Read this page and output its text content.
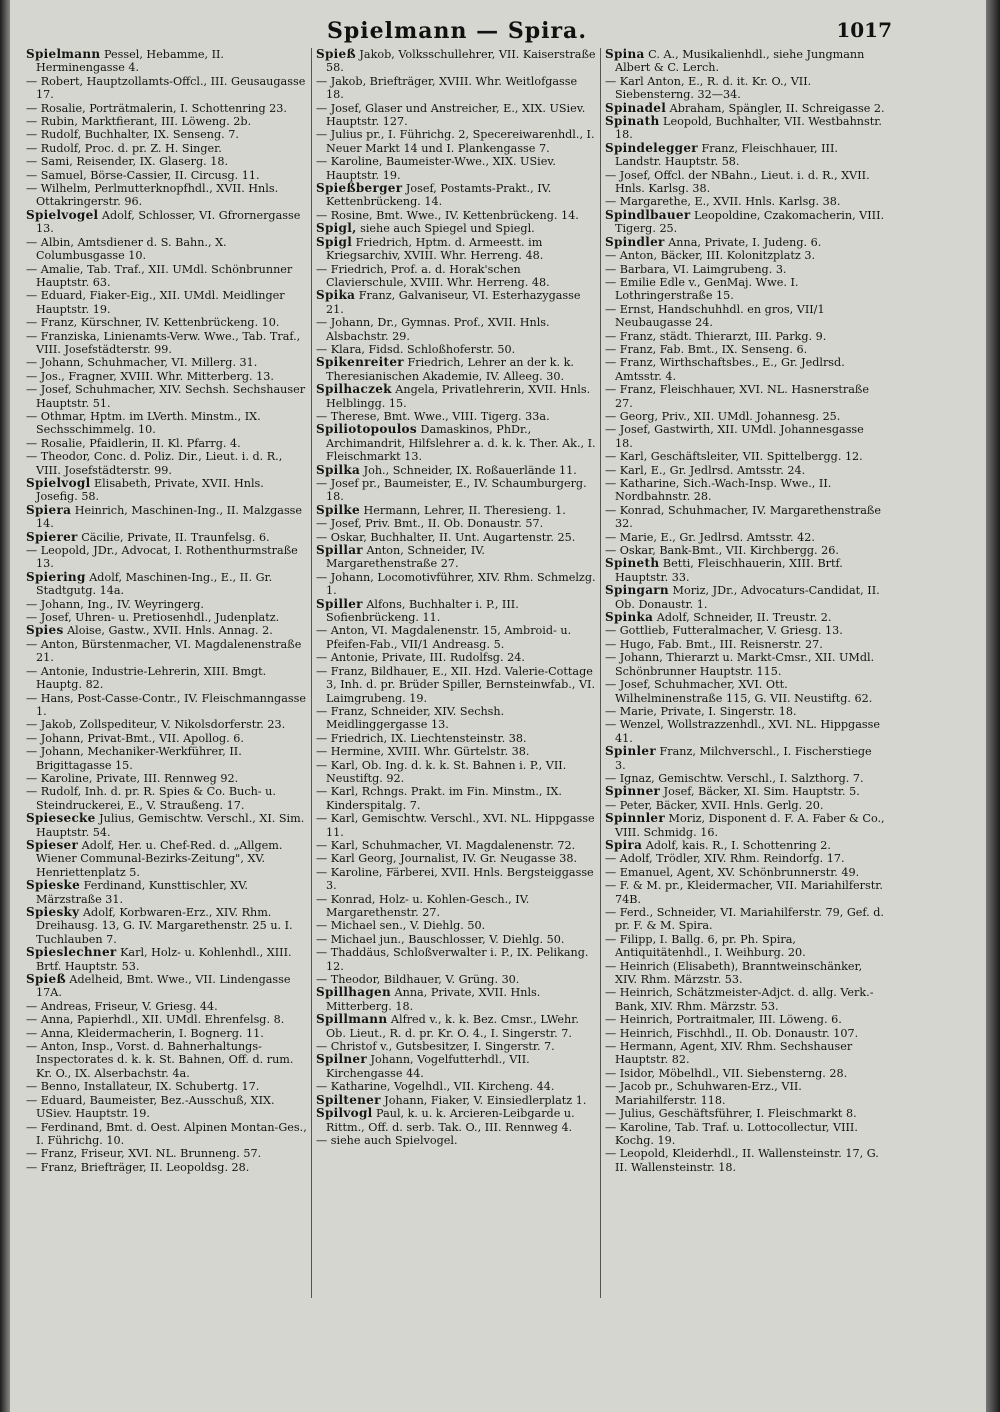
Spielmann — Spira.	1017

Spielmann Pessel, Hebamme, II. Herminengasse 4.

— Robert, Hauptzollamts-Offcl., III. Geusaugasse 17.

— Rosalie, Porträtmalerin, I. Schottenring 23.

— Rubin, Marktfierant, III. Löweng. 2b.

— Rudolf, Buchhalter, IX. Senseng. 7.

— Rudolf, Proc. d. pr. Z. H. Singer.

— Sami, Reisender, IX. Glaserg. 18.

— Samuel, Börse-Cassier, II. Circusg. 11.

— Wilhelm, Perlmutterknopfhdl., XVII. Hnls. Ottakringerstr. 96.

Spielvogel Adolf, Schlosser, VI. Gfrornergasse 13.

— Albin, Amtsdiener d. S. Bahn., X. Columbusgasse 10.

— Amalie, Tab. Traf., XII. UMdl. Schönbrunner Hauptstr. 63.

— Eduard, Fiaker-Eig., XII. UMdl. Meidlinger Hauptstr. 19.

— Franz, Kürschner, IV. Kettenbrückeng. 10.

— Franziska, Linienamts-Verw. Wwe., Tab. Traf., VIII. Josefstädterstr. 99.

— Johann, Schuhmacher, VI. Millerg. 31.

— Jos., Fragner, XVIII. Whr. Mitterberg. 13.

— Josef, Schuhmacher, XIV. Sechsh. Sechshauser Hauptstr. 51.

— Othmar, Hptm. im LVerth. Minstm., IX. Sechsschimmelg. 10.

— Rosalie, Pfaidlerin, II. Kl. Pfarrg. 4.

— Theodor, Conc. d. Poliz. Dir., Lieut. i. d. R., VIII. Josefstädterstr. 99.

Spielvogl Elisabeth, Private, XVII. Hnls. Josefig. 58.

Spiera Heinrich, Maschinen-Ing., II. Malzgasse 14.

Spierer Cäcilie, Private, II. Traunfelsg. 6.

— Leopold, JDr., Advocat, I. Rothenthurmstraße 13.

Spiering Adolf, Maschinen-Ing., E., II. Gr. Stadtgutg. 14a.

— Johann, Ing., IV. Weyringerg.

— Josef, Uhren- u. Pretiosenhdl., Judenplatz.

Spies Aloise, Gastw., XVII. Hnls. Annag. 2.

— Anton, Bürstenmacher, VI. Magdalenenstraße 21.

— Antonie, Industrie-Lehrerin, XIII. Bmgt. Hauptg. 82.

— Hans, Post-Casse-Contr., IV. Fleischmanngasse 1.

— Jakob, Zollspediteur, V. Nikolsdorferstr. 23.

— Johann, Privat-Bmt., VII. Apollog. 6.

— Johann, Mechaniker-Werkführer, II. Brigittagasse 15.

— Karoline, Private, III. Rennweg 92.

— Rudolf, Inh. d. pr. R. Spies & Co. Buch- u. Steindruckerei, E., V. Straußeng. 17.

Spiesecke Julius, Gemischtw. Verschl., XI. Sim. Hauptstr. 54.

Spieser Adolf, Her. u. Chef-Red. d. „Allgem. Wiener Communal-Bezirks-Zeitung", XV. Henriettenplatz 5.

Spieske Ferdinand, Kunsttischler, XV. Märzstraße 31.

Spiesky Adolf, Korbwaren-Erz., XIV. Rhm. Dreihausg. 13, G. IV. Margarethenstr. 25 u. I. Tuchlauben 7.

Spieslechner Karl, Holz- u. Kohlenhdl., XIII. Brtf. Hauptstr. 53.

Spieß Adelheid, Bmt. Wwe., VII. Lindengasse 17A.

— Andreas, Friseur, V. Griesg. 44.

— Anna, Papierhdl., XII. UMdl. Ehrenfelsg. 8.

— Anna, Kleidermacherin, I. Bognerg. 11.

— Anton, Insp., Vorst. d. Bahnerhaltungs-Inspectorates d. k. k. St. Bahnen, Off. d. rum. Kr. O., IX. Alserbachstr. 4a.

— Benno, Installateur, IX. Schubertg. 17.

— Eduard, Baumeister, Bez.-Ausschuß, XIX. USiev. Hauptstr. 19.

— Ferdinand, Bmt. d. Oest. Alpinen Montan-Ges., I. Führichg. 10.

— Franz, Friseur, XVI. NL. Brunneng. 57.

— Franz, Briefträger, II. Leopoldsg. 28.

Spieß Jakob, Volksschullehrer, VII. Kaiserstraße 58.

— Jakob, Briefträger, XVIII. Whr. Weitlofgasse 18.

— Josef, Glaser und Anstreicher, E., XIX. USiev. Hauptstr. 127.

— Julius pr., I. Führichg. 2, Specereiwarenhdl., I. Neuer Markt 14 und I. Plankengasse 7.

— Karoline, Baumeister-Wwe., XIX. USiev. Hauptstr. 19.

Spießberger Josef, Postamts-Prakt., IV. Kettenbrückeng. 14.

— Rosine, Bmt. Wwe., IV. Kettenbrückeng. 14.

Spigl, siehe auch Spiegel und Spiegl.

Spigl Friedrich, Hptm. d. Armeestt. im Kriegsarchiv, XVIII. Whr. Herreng. 48.

— Friedrich, Prof. a. d. Horak'schen Clavierschule, XVIII. Whr. Herreng. 48.

Spika Franz, Galvaniseur, VI. Esterhazygasse 21.

— Johann, Dr., Gymnas. Prof., XVII. Hnls. Alsbachstr. 29.

— Klara, Fidsd. Schloßhoferstr. 50.

Spikenreiter Friedrich, Lehrer an der k. k. Theresianischen Akademie, IV. Alleeg. 30.

Spilhaczek Angela, Privatlehrerin, XVII. Hnls. Helblingg. 15.

— Therese, Bmt. Wwe., VIII. Tigerg. 33a.

Spiliotopoulos Damaskinos, PhDr., Archimandrit, Hilfslehrer a. d. k. k. Ther. Ak., I. Fleischmarkt 13.

Spilka Joh., Schneider, IX. Roßauerlände 11.

— Josef pr., Baumeister, E., IV. Schaumburgerg. 18.

Spilke Hermann, Lehrer, II. Theresieng. 1.

— Josef, Priv. Bmt., II. Ob. Donaustr. 57.

— Oskar, Buchhalter, II. Unt. Augartenstr. 25.

Spillar Anton, Schneider, IV. Margarethenstraße 27.

— Johann, Locomotivführer, XIV. Rhm. Schmelzg. 1.

Spiller Alfons, Buchhalter i. P., III. Sofienbrückeng. 11.

— Anton, VI. Magdalenenstr. 15, Ambroid- u. Pfeifen-Fab., VII/1 Andreasg. 5.

— Antonie, Private, III. Rudolfsg. 24.

— Franz, Bildhauer, E., XII. Hzd. Valerie-Cottage 3, Inh. d. pr. Brüder Spiller, Bernsteinwfab., VI. Laimgrubeng. 19.

— Franz, Schneider, XIV. Sechsh. Meidlinggergasse 13.

— Friedrich, IX. Liechtensteinstr. 38.

— Hermine, XVIII. Whr. Gürtelstr. 38.

— Karl, Ob. Ing. d. k. k. St. Bahnen i. P., VII. Neustiftg. 92.

— Karl, Rchngs. Prakt. im Fin. Minstm., IX. Kinderspitalg. 7.

— Karl, Gemischtw. Verschl., XVI. NL. Hippgasse 11.

— Karl, Schuhmacher, VI. Magdalenenstr. 72.

— Karl Georg, Journalist, IV. Gr. Neugasse 38.

— Karoline, Färberei, XVII. Hnls. Bergsteiggasse 3.

— Konrad, Holz- u. Kohlen-Gesch., IV. Margarethenstr. 27.

— Michael sen., V. Diehlg. 50.

— Michael jun., Bauschlosser, V. Diehlg. 50.

— Thaddäus, Schloßverwalter i. P., IX. Pelikang. 12.

— Theodor, Bildhauer, V. Grüng. 30.

Spillhagen Anna, Private, XVII. Hnls. Mitterberg. 18.

Spillmann Alfred v., k. k. Bez. Cmsr., LWehr. Ob. Lieut., R. d. pr. Kr. O. 4., I. Singerstr. 7.

— Christof v., Gutsbesitzer, I. Singerstr. 7.

Spilner Johann, Vogelfutterhdl., VII. Kirchengasse 44.

— Katharine, Vogelhdl., VII. Kircheng. 44.

Spiltener Johann, Fiaker, V. Einsiedlerplatz 1.

Spilvogl Paul, k. u. k. Arcieren-Leibgarde u. Rittm., Off. d. serb. Tak. O., III. Rennweg 4.

— siehe auch Spielvogel.

Spina C. A., Musikalienhdl., siehe Jungmann Albert & C. Lerch.

— Karl Anton, E., R. d. it. Kr. O., VII. Siebensterng. 32—34.

Spinadel Abraham, Spängler, II. Schreigasse 2.

Spinath Leopold, Buchhalter, VII. Westbahnstr. 18.

Spindelegger Franz, Fleischhauer, III. Landstr. Hauptstr. 58.

— Josef, Offcl. der NBahn., Lieut. i. d. R., XVII. Hnls. Karlsg. 38.

— Margarethe, E., XVII. Hnls. Karlsg. 38.

Spindlbauer Leopoldine, Czakomacherin, VIII. Tigerg. 25.

Spindler Anna, Private, I. Judeng. 6.

— Anton, Bäcker, III. Kolonitzplatz 3.

— Barbara, VI. Laimgrubeng. 3.

— Emilie Edle v., GenMaj. Wwe. I. Lothringerstraße 15.

— Ernst, Handschuhhdl. en gros, VII/1 Neubaugasse 24.

— Franz, städt. Thierarzt, III. Parkg. 9.

— Franz, Fab. Bmt., IX. Senseng. 6.

— Franz, Wirthschaftsbes., E., Gr. Jedlrsd. Amtsstr. 4.

— Franz, Fleischhauer, XVI. NL. Hasnerstraße 27.

— Georg, Priv., XII. UMdl. Johannesg. 25.

— Josef, Gastwirth, XII. UMdl. Johannesgasse 18.

— Karl, Geschäftsleiter, VII. Spittelbergg. 12.

— Karl, E., Gr. Jedlrsd. Amtsstr. 24.

— Katharine, Sich.-Wach-Insp. Wwe., II. Nordbahnstr. 28.

— Konrad, Schuhmacher, IV. Margarethenstraße 32.

— Marie, E., Gr. Jedlrsd. Amtsstr. 42.

— Oskar, Bank-Bmt., VII. Kirchbergg. 26.

Spineth Betti, Fleischhauerin, XIII. Brtf. Hauptstr. 33.

Spingarn Moriz, JDr., Advocaturs-Candidat, II. Ob. Donaustr. 1.

Spinka Adolf, Schneider, II. Treustr. 2.

— Gottlieb, Futteralmacher, V. Griesg. 13.

— Hugo, Fab. Bmt., III. Reisnerstr. 27.

— Johann, Thierarzt u. Markt-Cmsr., XII. UMdl. Schönbrunner Hauptstr. 115.

— Josef, Schuhmacher, XVI. Ott. Wilhelminenstraße 115, G. VII. Neustiftg. 62.

— Marie, Private, I. Singerstr. 18.

— Wenzel, Wollstrazzenhdl., XVI. NL. Hippgasse 41.

Spinler Franz, Milchverschl., I. Fischerstiege 3.

— Ignaz, Gemischtw. Verschl., I. Salzthorg. 7.

Spinner Josef, Bäcker, XI. Sim. Hauptstr. 5.

— Peter, Bäcker, XVII. Hnls. Gerlg. 20.

Spinnler Moriz, Disponent d. F. A. Faber & Co., VIII. Schmidg. 16.

Spira Adolf, kais. R., I. Schottenring 2.

— Adolf, Trödler, XIV. Rhm. Reindorfg. 17.

— Emanuel, Agent, XV. Schönbrunnerstr. 49.

— F. & M. pr., Kleidermacher, VII. Mariahilferstr. 74B.

— Ferd., Schneider, VI. Mariahilferstr. 79, Gef. d. pr. F. & M. Spira.

— Filipp, I. Ballg. 6, pr. Ph. Spira, Antiquitätenhdl., I. Weihburg. 20.

— Heinrich (Elisabeth), Branntweinschänker, XIV. Rhm. Märzstr. 53.

— Heinrich, Schätzmeister-Adjct. d. allg. Verk.-Bank, XIV. Rhm. Märzstr. 53.

— Heinrich, Portraitmaler, III. Löweng. 6.

— Heinrich, Fischhdl., II. Ob. Donaustr. 107.

— Hermann, Agent, XIV. Rhm. Sechshauser Hauptstr. 82.

— Isidor, Möbelhdl., VII. Siebensterng. 28.

— Jacob pr., Schuhwaren-Erz., VII. Mariahilferstr. 118.

— Julius, Geschäftsführer, I. Fleischmarkt 8.

— Karoline, Tab. Traf. u. Lottocollectur, VIII. Kochg. 19.

— Leopold, Kleiderhdl., II. Wallensteinstr. 17, G. II. Wallensteinstr. 18.
